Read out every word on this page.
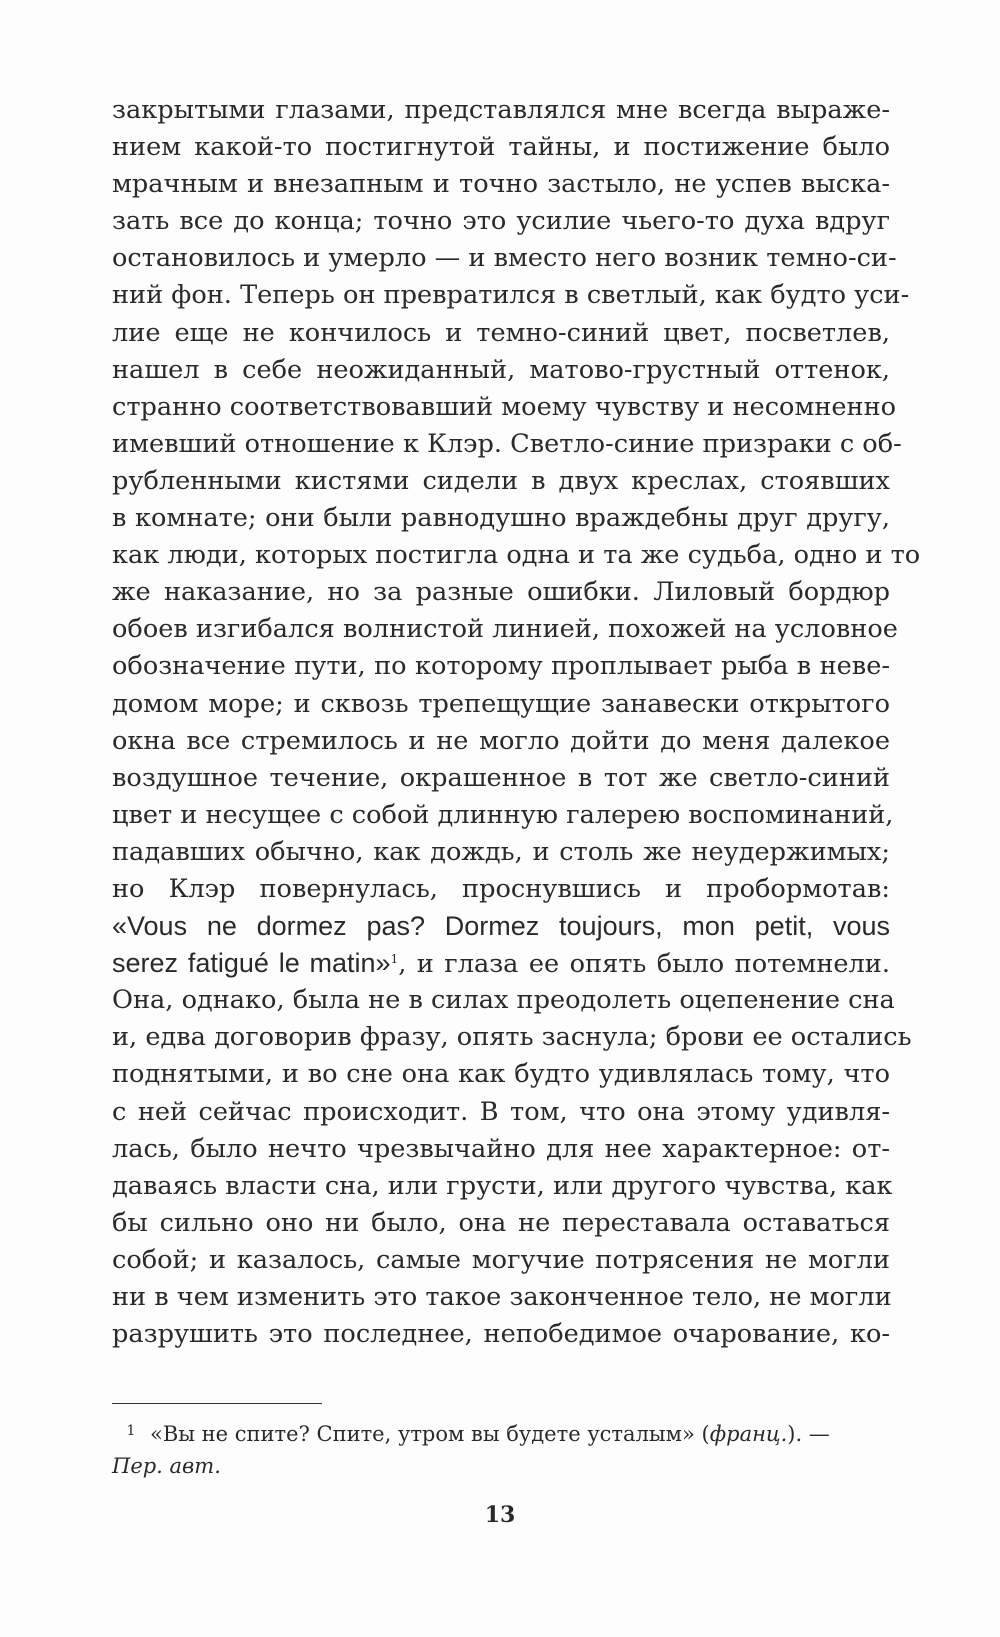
закрытыми глазами, представлялся мне всегда выраже-
нием какой-то постигнутой тайны, и постижение было
мрачным и внезапным и точно застыло, не успев выска-
зать все до конца; точно это усилие чьего-то духа вдруг
остановилось и умерло — и вместо него возник темно-си-
ний фон. Теперь он превратился в светлый, как будто уси-
лие еще не кончилось и темно-синий цвет, посветлев,
нашел в себе неожиданный, матово-грустный оттенок,
странно соответствовавший моему чувству и несомненно
имевший отношение к Клэр. Светло-синие призраки с об-
рубленными кистями сидели в двух креслах, стоявших
в комнате; они были равнодушно враждебны друг другу,
как люди, которых постигла одна и та же судьба, одно и то
же наказание, но за разные ошибки. Лиловый бордюр
обоев изгибался волнистой линией, похожей на условное
обозначение пути, по которому проплывает рыба в неве-
домом море; и сквозь трепещущие занавески открытого
окна все стремилось и не могло дойти до меня далекое
воздушное течение, окрашенное в тот же светло-синий
цвет и несущее с собой длинную галерею воспоминаний,
падавших обычно, как дождь, и столь же неудержимых;
но Клэр повернулась, проснувшись и пробормотав:
«Vous ne dormez pas? Dormez toujours, mon petit, vous
serez fatigué le matin»$^1$, и глаза ее опять было потемнели.
Она, однако, была не в силах преодолеть оцепенение сна
и, едва договорив фразу, опять заснула; брови ее остались
поднятыми, и во сне она как будто удивлялась тому, что
с ней сейчас происходит. В том, что она этому удивля-
лась, было нечто чрезвычайно для нее характерное: от-
даваясь власти сна, или грусти, или другого чувства, как
бы сильно оно ни было, она не переставала оставаться
собой; и казалось, самые могучие потрясения не могли
ни в чем изменить это такое законченное тело, не могли
разрушить это последнее, непобедимое очарование, ко-
1 «Вы не спите? Спите, утром вы будете усталым» (франц.). —
Пер. авт.
13
